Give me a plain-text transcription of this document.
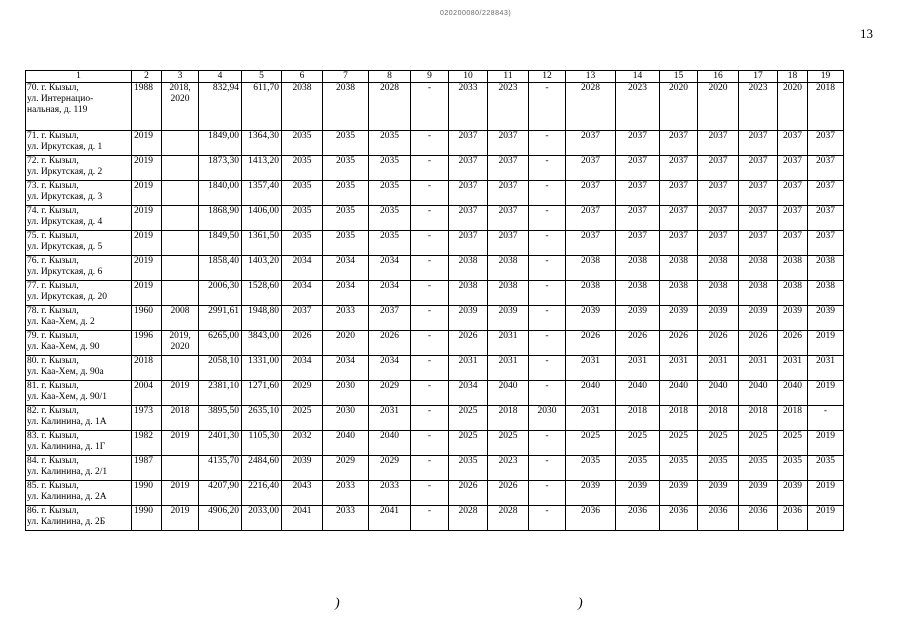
020200080/228843)
13
1	2	3	4	5	6	7	8	9	10	11	12	13	14	15	16	17	18	19
70. г. Кызыл,
ул. Интернацио-
нальная, д. 119	1988	2018,
2020	832,94	611,70	2038	2038	2028	-	2033	2023	-	2028	2023	2020	2020	2023	2020	2018
71. г. Кызыл,
ул. Иркутская, д. 1	2019		1849,00	1364,30	2035	2035	2035	-	2037	2037	-	2037	2037	2037	2037	2037	2037	2037
72. г. Кызыл,
ул. Иркутская, д. 2	2019		1873,30	1413,20	2035	2035	2035	-	2037	2037	-	2037	2037	2037	2037	2037	2037	2037
73. г. Кызыл,
ул. Иркутская, д. 3	2019		1840,00	1357,40	2035	2035	2035	-	2037	2037	-	2037	2037	2037	2037	2037	2037	2037
74. г. Кызыл,
ул. Иркутская, д. 4	2019		1868,90	1406,00	2035	2035	2035	-	2037	2037	-	2037	2037	2037	2037	2037	2037	2037
75. г. Кызыл,
ул. Иркутская, д. 5	2019		1849,50	1361,50	2035	2035	2035	-	2037	2037	-	2037	2037	2037	2037	2037	2037	2037
76. г. Кызыл,
ул. Иркутская, д. 6	2019		1858,40	1403,20	2034	2034	2034	-	2038	2038	-	2038	2038	2038	2038	2038	2038	2038
77. г. Кызыл,
ул. Иркутская, д. 20	2019		2006,30	1528,60	2034	2034	2034	-	2038	2038	-	2038	2038	2038	2038	2038	2038	2038
78. г. Кызыл,
ул. Каа-Хем, д. 2	1960	2008	2991,61	1948,80	2037	2033	2037	-	2039	2039	-	2039	2039	2039	2039	2039	2039	2039
79. г. Кызыл,
ул. Каа-Хем, д. 90	1996	2019,
2020	6265,00	3843,00	2026	2020	2026	-	2026	2031	-	2026	2026	2026	2026	2026	2026	2019
80. г. Кызыл,
ул. Каа-Хем, д. 90а	2018		2058,10	1331,00	2034	2034	2034	-	2031	2031	-	2031	2031	2031	2031	2031	2031	2031
81. г. Кызыл,
ул. Каа-Хем, д. 90/1	2004	2019	2381,10	1271,60	2029	2030	2029	-	2034	2040	-	2040	2040	2040	2040	2040	2040	2019
82. г. Кызыл,
ул. Калинина, д. 1А	1973	2018	3895,50	2635,10	2025	2030	2031	-	2025	2018	2030	2031	2018	2018	2018	2018	2018	-
83. г. Кызыл,
ул. Калинина, д. 1Г	1982	2019	2401,30	1105,30	2032	2040	2040	-	2025	2025	-	2025	2025	2025	2025	2025	2025	2019
84. г. Кызыл,
ул. Калинина, д. 2/1	1987		4135,70	2484,60	2039	2029	2029	-	2035	2023	-	2035	2035	2035	2035	2035	2035	2035
85. г. Кызыл,
ул. Калинина, д. 2А	1990	2019	4207,90	2216,40	2043	2033	2033	-	2026	2026	-	2039	2039	2039	2039	2039	2039	2019
86. г. Кызыл,
ул. Калинина, д. 2Б	1990	2019	4906,20	2033,00	2041	2033	2041	-	2028	2028	-	2036	2036	2036	2036	2036	2036	2019
)	)
